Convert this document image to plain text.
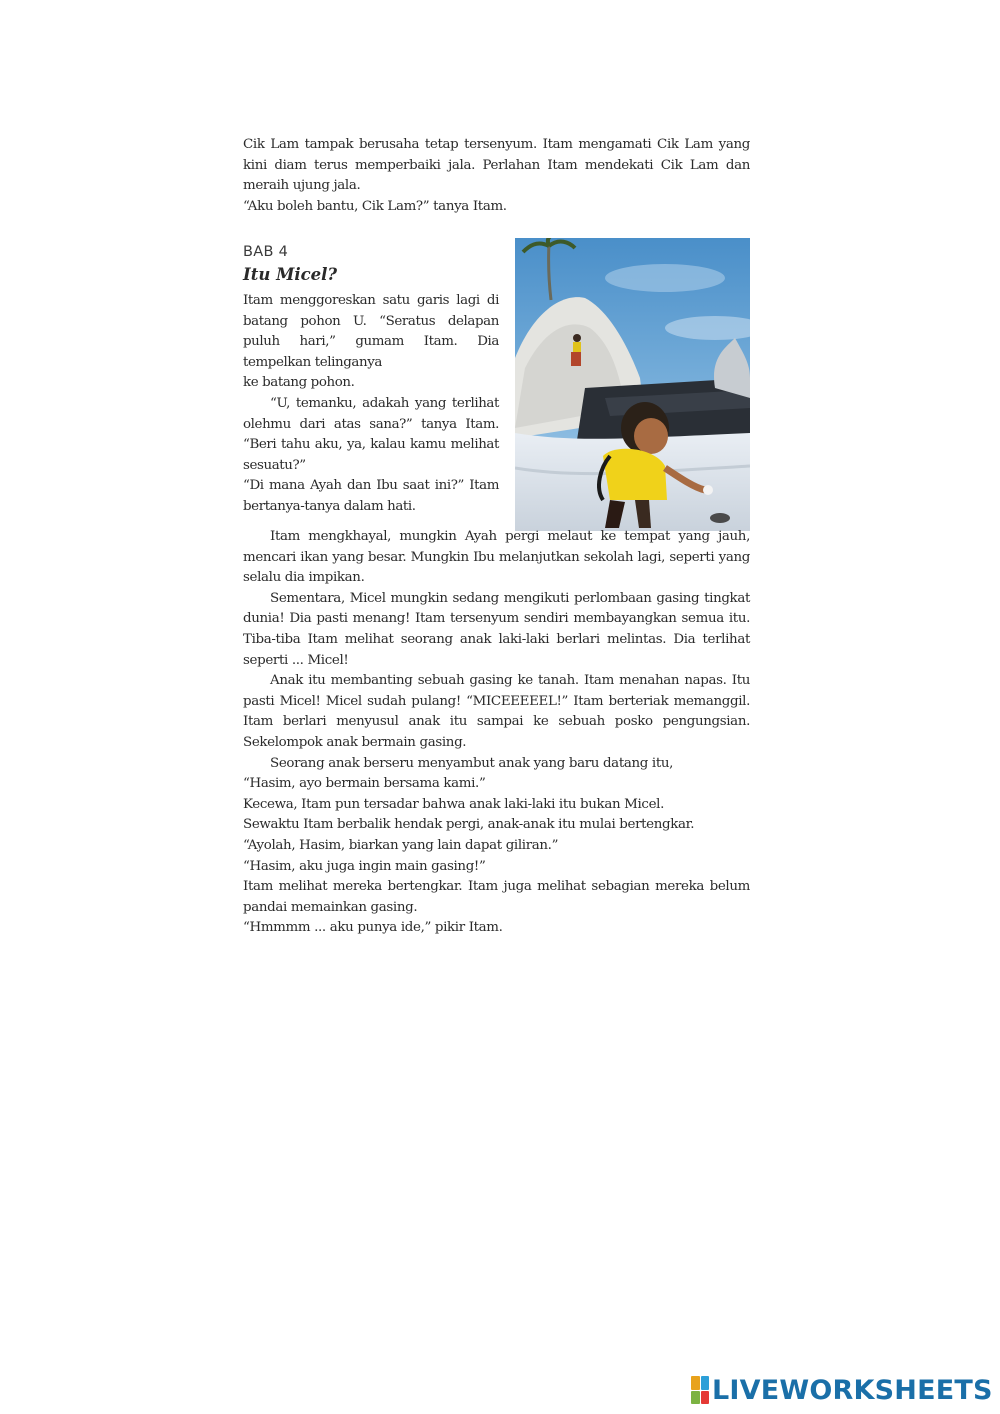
Cik Lam tampak berusaha tetap tersenyum. Itam mengamati Cik Lam yang kini diam terus memperbaiki jala. Perlahan Itam mendekati Cik Lam dan meraih ujung jala.

“Aku boleh bantu, Cik Lam?” tanya Itam.

BAB 4

Itu Micel?

Itam menggoreskan satu garis lagi di batang pohon U. “Seratus delapan puluh hari,” gumam Itam. Dia tempelkan telinganya

ke batang pohon.

“U, temanku, adakah yang terlihat olehmu dari atas sana?” tanya Itam. “Beri tahu aku, ya, kalau kamu melihat sesuatu?”

“Di mana Ayah dan Ibu saat ini?” Itam bertanya-tanya dalam hati.

Itam mengkhayal, mungkin Ayah pergi melaut ke tempat yang jauh, mencari ikan yang besar. Mungkin Ibu melanjutkan sekolah lagi, seperti yang selalu dia impikan.

Sementara, Micel mungkin sedang mengikuti perlombaan gasing tingkat dunia! Dia pasti menang! Itam tersenyum sendiri membayangkan semua itu. Tiba-tiba Itam melihat seorang anak laki-laki berlari melintas. Dia terlihat seperti ... Micel!

Anak itu membanting sebuah gasing ke tanah. Itam menahan napas. Itu pasti Micel! Micel sudah pulang! “MICEEEEEL!” Itam berteriak memanggil. Itam berlari menyusul anak itu sampai ke sebuah posko pengungsian. Sekelompok anak bermain gasing.

Seorang anak berseru menyambut anak yang baru datang itu,

“Hasim, ayo bermain bersama kami.”

Kecewa, Itam pun tersadar bahwa anak laki-laki itu bukan Micel.

Sewaktu Itam berbalik hendak pergi, anak-anak itu mulai bertengkar.

“Ayolah, Hasim, biarkan yang lain dapat giliran.”

“Hasim, aku juga ingin main gasing!”

Itam melihat mereka bertengkar. Itam juga melihat sebagian mereka belum pandai memainkan gasing.

“Hmmmm ... aku punya ide,” pikir Itam.

LIVEWORKSHEETS
